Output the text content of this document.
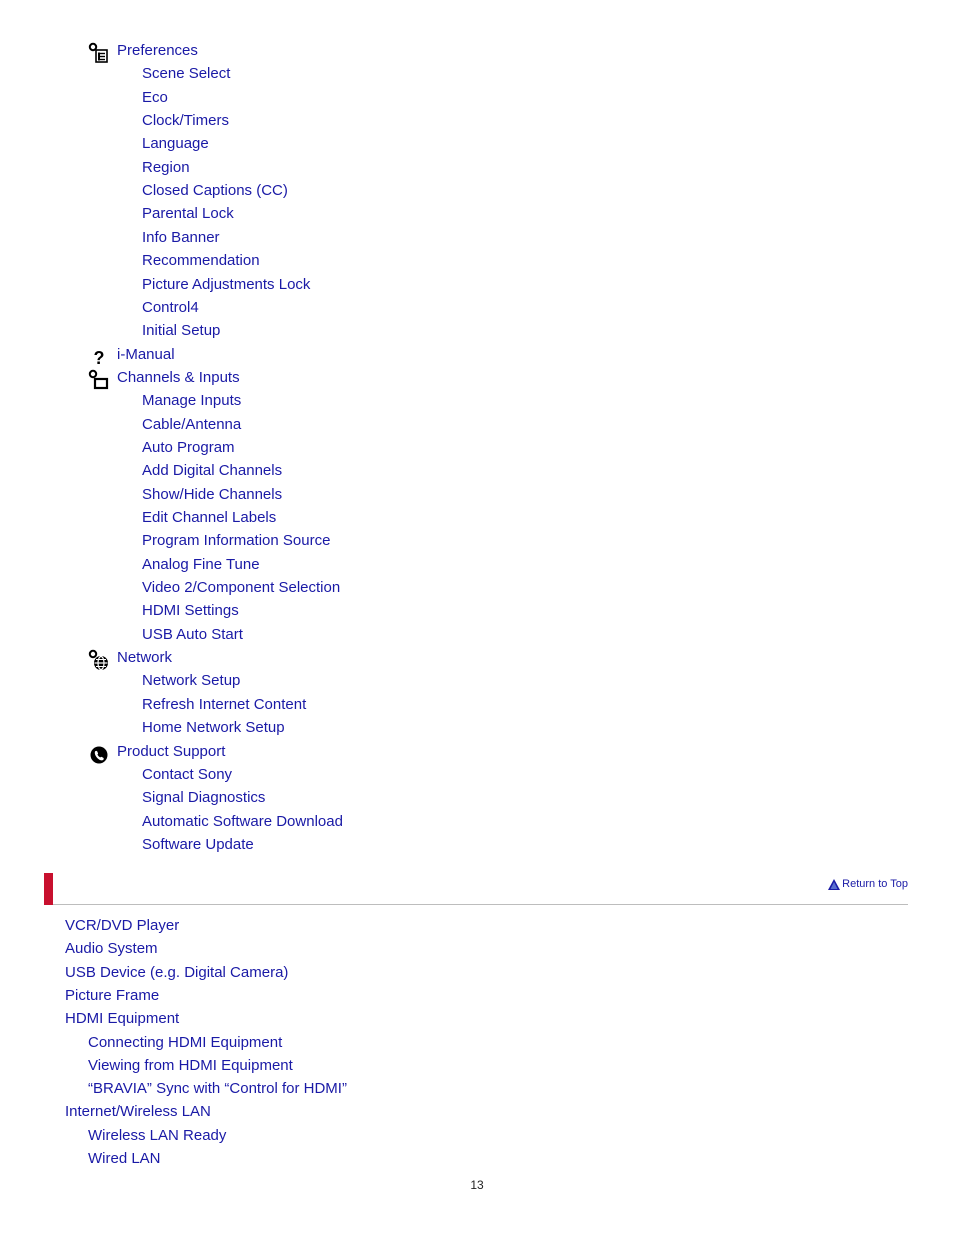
Preferences
Scene Select
Eco
Clock/Timers
Language
Region
Closed Captions (CC)
Parental Lock
Info Banner
Recommendation
Picture Adjustments Lock
Control4
Initial Setup
? i-Manual
Channels & Inputs
Manage Inputs
Cable/Antenna
Auto Program
Add Digital Channels
Show/Hide Channels
Edit Channel Labels
Program Information Source
Analog Fine Tune
Video 2/Component Selection
HDMI Settings
USB Auto Start
Network
Network Setup
Refresh Internet Content
Home Network Setup
Product Support
Contact Sony
Signal Diagnostics
Automatic Software Download
Software Update
Return to Top
VCR/DVD Player
Audio System
USB Device (e.g. Digital Camera)
Picture Frame
HDMI Equipment
Connecting HDMI Equipment
Viewing from HDMI Equipment
“BRAVIA” Sync with “Control for HDMI”
Internet/Wireless LAN
Wireless LAN Ready
Wired LAN
13
